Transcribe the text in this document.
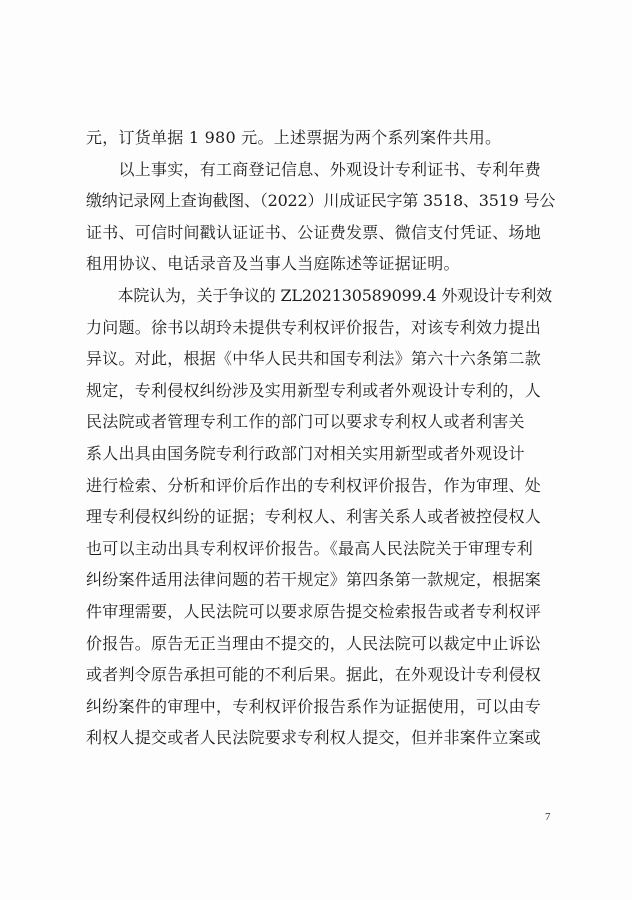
元，订货单据 1 980 元。上述票据为两个系列案件共用。
　　以上事实，有工商登记信息、外观设计专利证书、专利年费
缴纳记录网上查询截图、（2022）川成证民字第 3518、3519 号公
证书、可信时间戳认证证书、公证费发票、微信支付凭证、场地
租用协议、电话录音及当事人当庭陈述等证据证明。
　　本院认为，关于争议的 ZL202130589099.4 外观设计专利效
力问题。徐书以胡玲未提供专利权评价报告，对该专利效力提出
异议。对此，根据《中华人民共和国专利法》第六十六条第二款
规定，专利侵权纠纷涉及实用新型专利或者外观设计专利的，人
民法院或者管理专利工作的部门可以要求专利权人或者利害关
系人出具由国务院专利行政部门对相关实用新型或者外观设计
进行检索、分析和评价后作出的专利权评价报告，作为审理、处
理专利侵权纠纷的证据；专利权人、利害关系人或者被控侵权人
也可以主动出具专利权评价报告。《最高人民法院关于审理专利
纠纷案件适用法律问题的若干规定》第四条第一款规定，根据案
件审理需要，人民法院可以要求原告提交检索报告或者专利权评
价报告。原告无正当理由不提交的，人民法院可以裁定中止诉讼
或者判令原告承担可能的不利后果。据此，在外观设计专利侵权
纠纷案件的审理中，专利权评价报告系作为证据使用，可以由专
利权人提交或者人民法院要求专利权人提交，但并非案件立案或
7
